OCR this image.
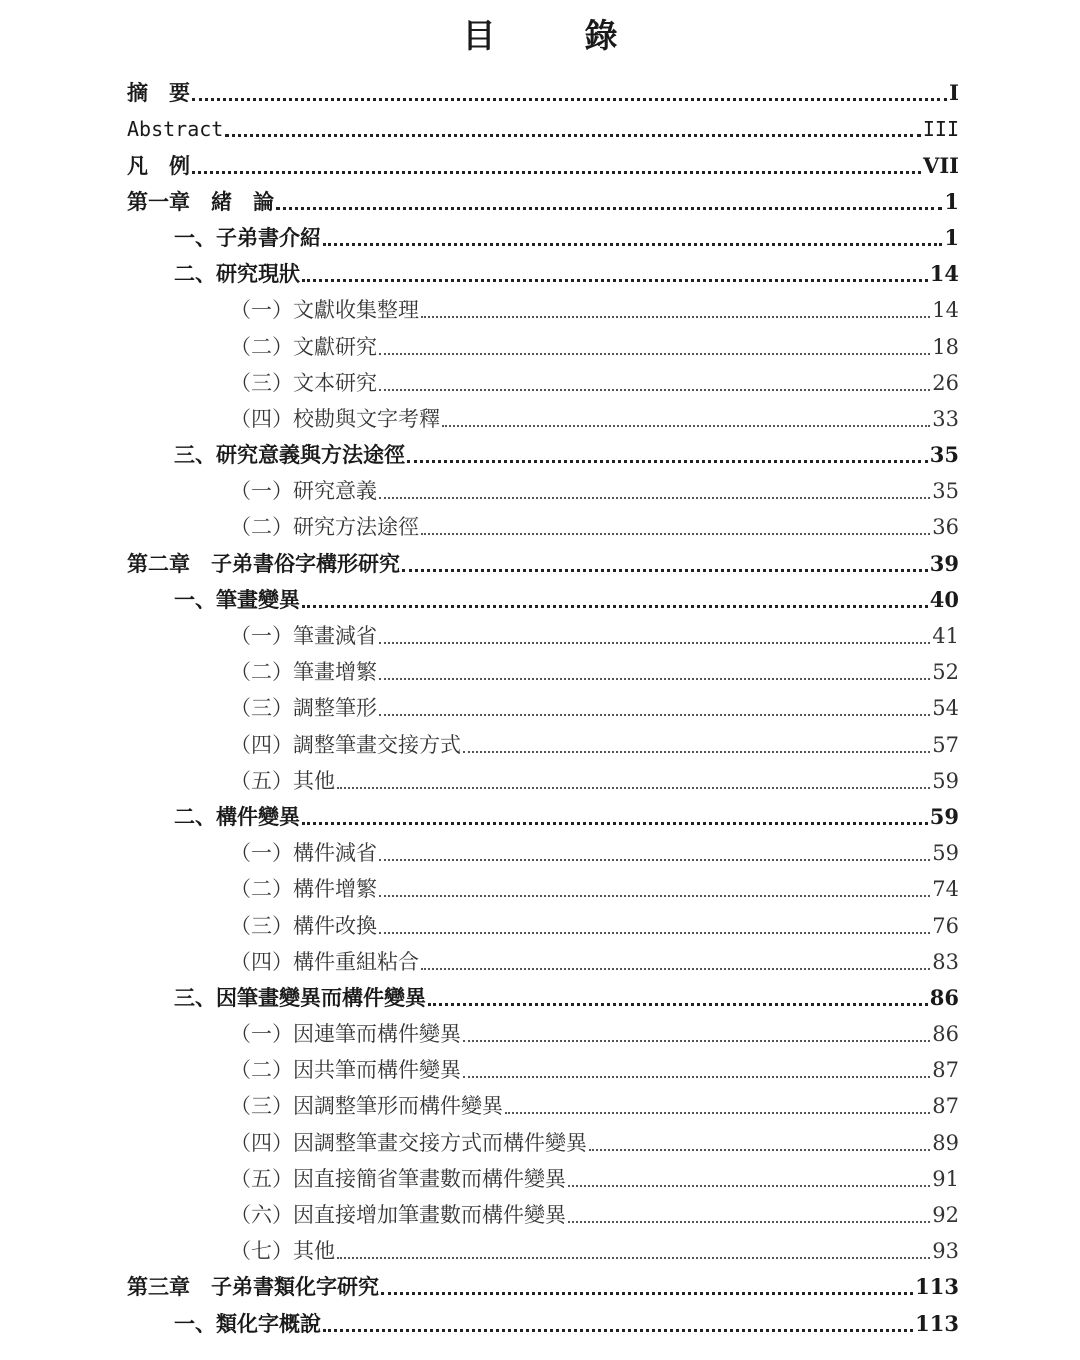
目　錄
摘　要	I
Abstract	III
凡　例	VII
第一章　緒　論	1
一、子弟書介紹	1
二、研究現狀	14
（一）文獻收集整理	14
（二）文獻研究	18
（三）文本研究	26
（四）校勘與文字考釋	33
三、研究意義與方法途徑	35
（一）研究意義	35
（二）研究方法途徑	36
第二章　子弟書俗字構形研究	39
一、筆畫變異	40
（一）筆畫減省	41
（二）筆畫增繁	52
（三）調整筆形	54
（四）調整筆畫交接方式	57
（五）其他	59
二、構件變異	59
（一）構件減省	59
（二）構件增繁	74
（三）構件改換	76
（四）構件重組粘合	83
三、因筆畫變異而構件變異	86
（一）因連筆而構件變異	86
（二）因共筆而構件變異	87
（三）因調整筆形而構件變異	87
（四）因調整筆畫交接方式而構件變異	89
（五）因直接簡省筆畫數而構件變異	91
（六）因直接增加筆畫數而構件變異	92
（七）其他	93
第三章　子弟書類化字研究	113
一、類化字概說	113
